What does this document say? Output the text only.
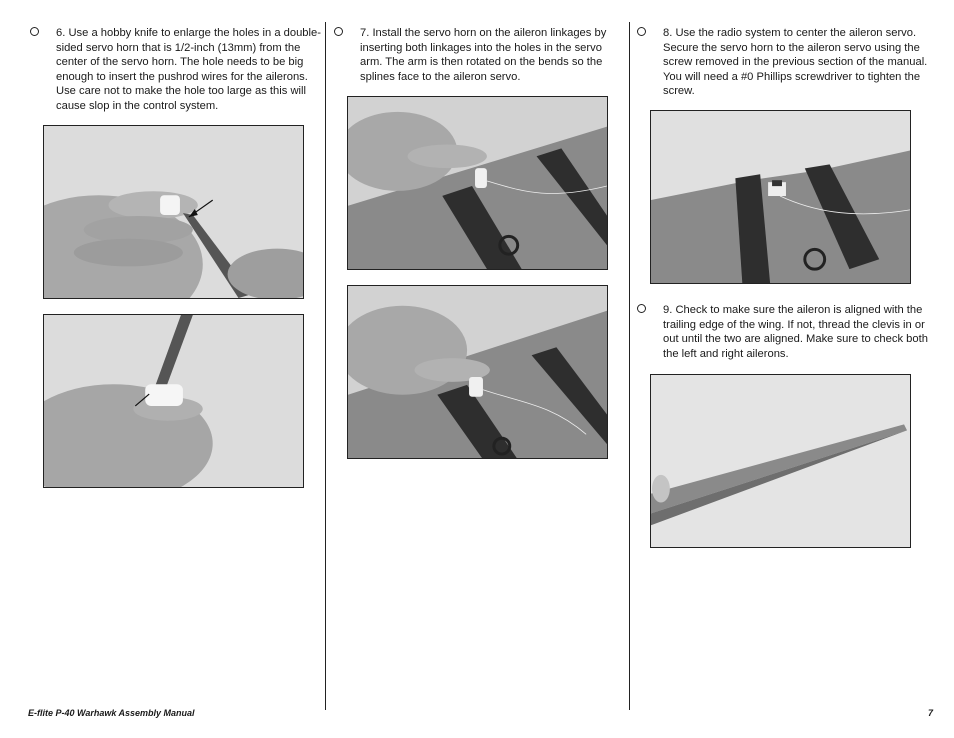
6. Use a hobby knife to enlarge the holes in a double-sided servo horn that is 1/2-inch (13mm) from the center of the servo horn. The hole needs to be big enough to insert the pushrod wires for the ailerons. Use care not to make the hole too large as this will cause slop in the control system.
7. Install the servo horn on the aileron linkages by inserting both linkages into the holes in the servo arm. The arm is then rotated on the bends so the splines face to the aileron servo.
8. Use the radio system to center the aileron servo. Secure the servo horn to the aileron servo using the screw removed in the previous section of the manual. You will need a #0 Phillips screwdriver to tighten the screw.
9. Check to make sure the aileron is aligned with the trailing edge of the wing. If not, thread the clevis in or out until the two are aligned. Make sure to check both the left and right ailerons.
E-flite P-40 Warhawk Assembly Manual	7
